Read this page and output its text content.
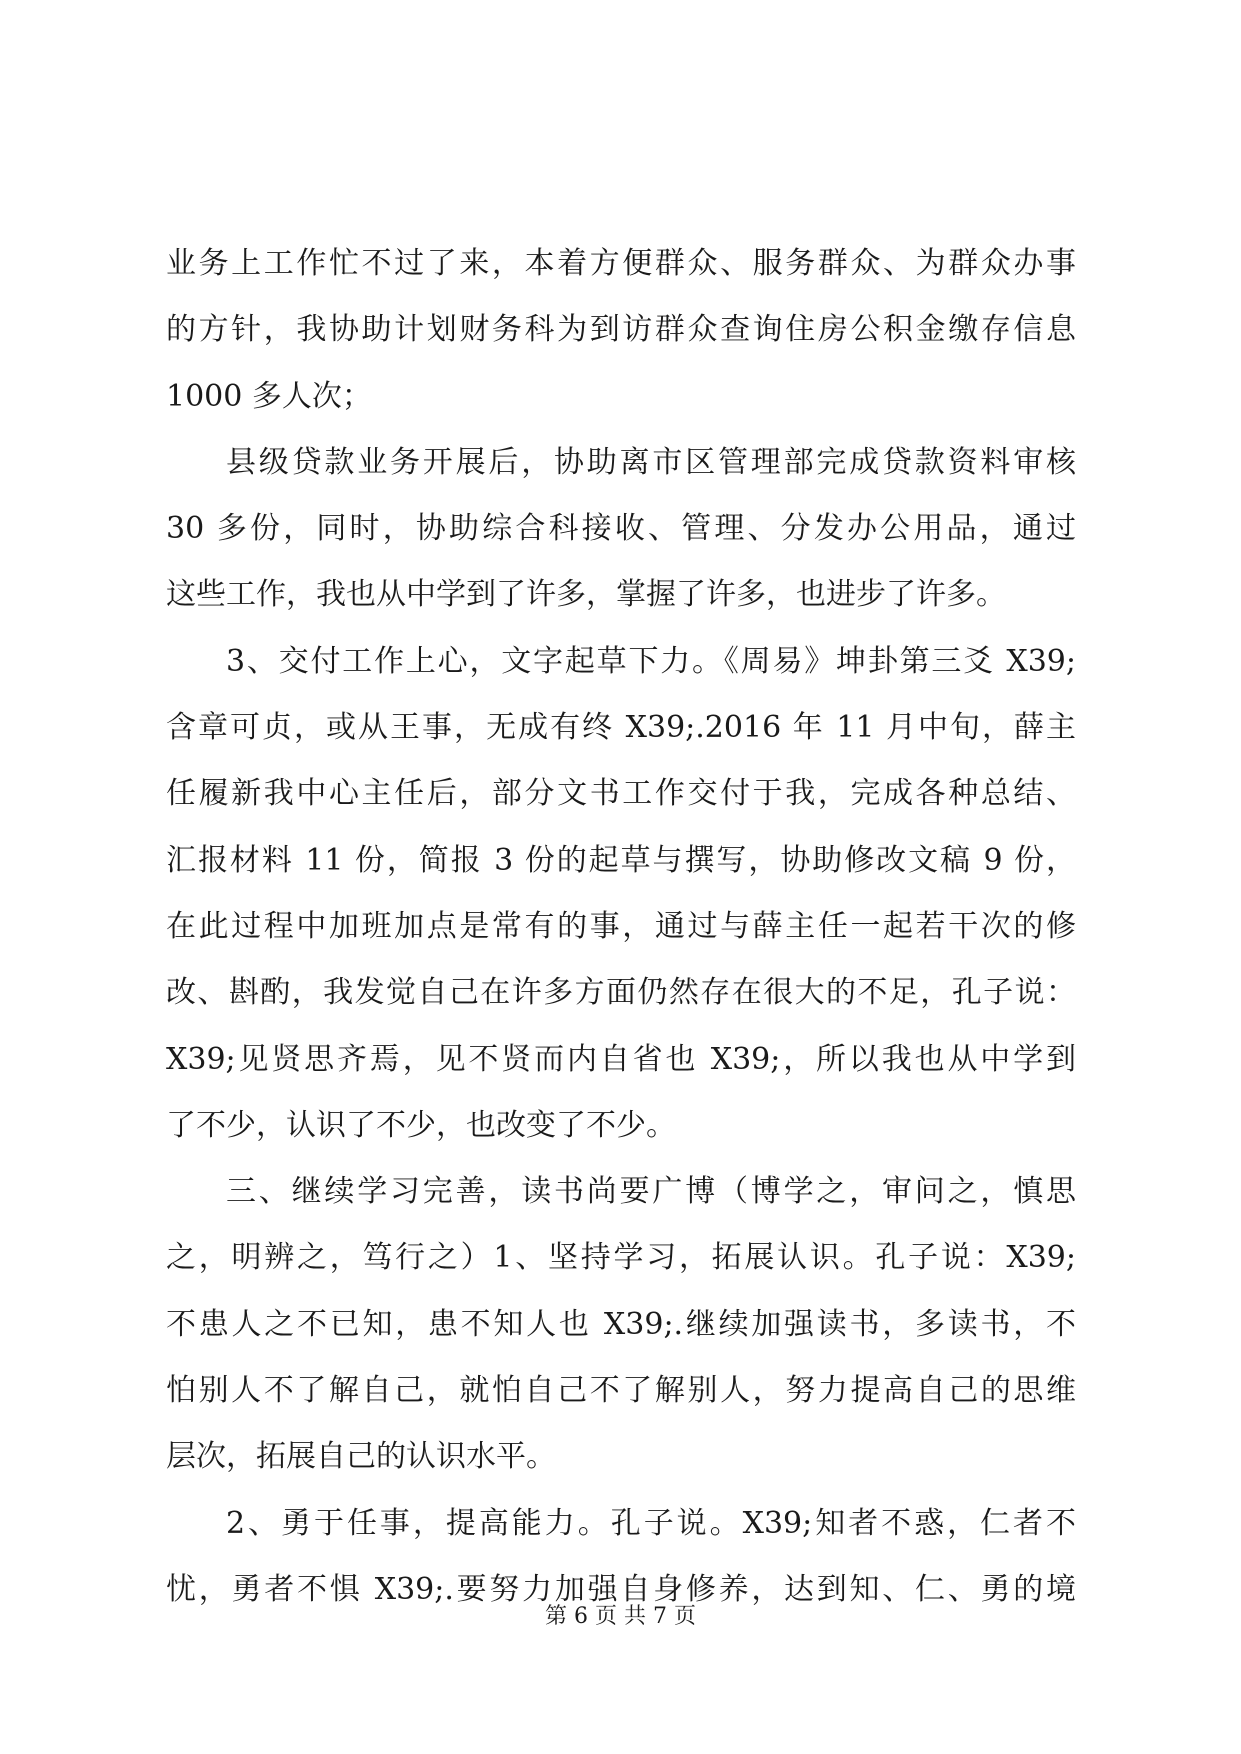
业务上工作忙不过了来，本着方便群众、服务群众、为群众办事
的方针，我协助计划财务科为到访群众查询住房公积金缴存信息
1000 多人次；
县级贷款业务开展后，协助离市区管理部完成贷款资料审核
30 多份，同时，协助综合科接收、管理、分发办公用品，通过
这些工作，我也从中学到了许多，掌握了许多，也进步了许多。
3、交付工作上心，文字起草下力。《周易》坤卦第三爻 X39;
含章可贞，或从王事，无成有终 X39;.2016 年 11 月中旬，薛主
任履新我中心主任后，部分文书工作交付于我，完成各种总结、
汇报材料 11 份，简报 3 份的起草与撰写，协助修改文稿 9 份，
在此过程中加班加点是常有的事，通过与薛主任一起若干次的修
改、斟酌，我发觉自己在许多方面仍然存在很大的不足，孔子说：
X39;见贤思齐焉，见不贤而内自省也 X39;，所以我也从中学到
了不少，认识了不少，也改变了不少。
三、继续学习完善，读书尚要广博（博学之，审问之，慎思
之，明辨之，笃行之）1、坚持学习，拓展认识。孔子说：X39;
不患人之不已知，患不知人也 X39;.继续加强读书，多读书，不
怕别人不了解自己，就怕自己不了解别人，努力提高自己的思维
层次，拓展自己的认识水平。
2、勇于任事，提高能力。孔子说。X39;知者不惑，仁者不
忧，勇者不惧 X39;.要努力加强自身修养，达到知、仁、勇的境
第 6 页 共 7 页
